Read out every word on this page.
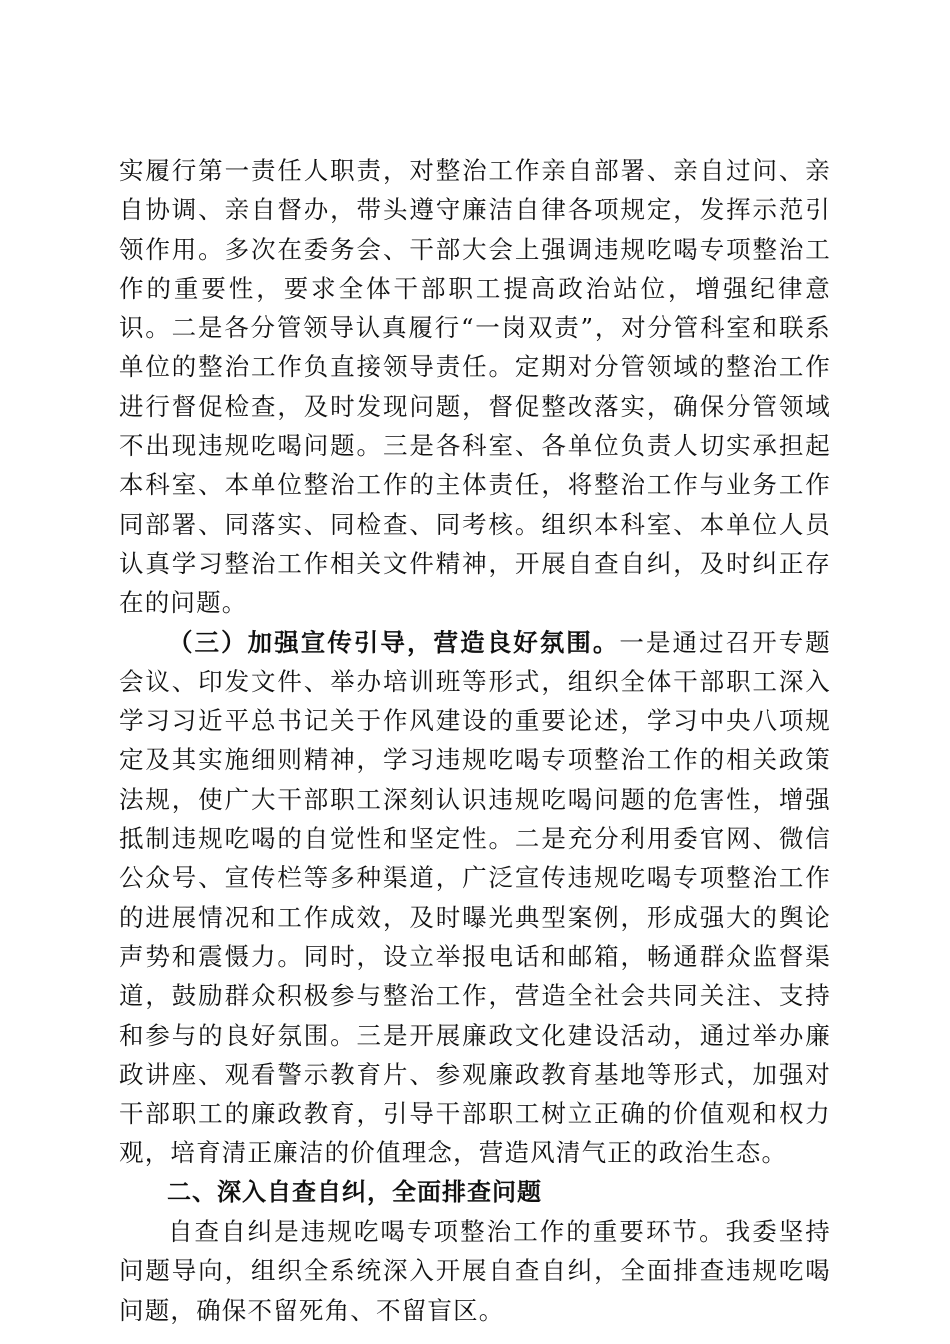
实履行第一责任人职责，对整治工作亲自部署、亲自过问、亲自协调、亲自督办，带头遵守廉洁自律各项规定，发挥示范引领作用。多次在委务会、干部大会上强调违规吃喝专项整治工作的重要性，要求全体干部职工提高政治站位，增强纪律意识。二是各分管领导认真履行“一岗双责”，对分管科室和联系单位的整治工作负直接领导责任。定期对分管领域的整治工作进行督促检查，及时发现问题，督促整改落实，确保分管领域不出现违规吃喝问题。三是各科室、各单位负责人切实承担起本科室、本单位整治工作的主体责任，将整治工作与业务工作同部署、同落实、同检查、同考核。组织本科室、本单位人员认真学习整治工作相关文件精神，开展自查自纠，及时纠正存在的问题。

（三）加强宣传引导，营造良好氛围。一是通过召开专题会议、印发文件、举办培训班等形式，组织全体干部职工深入学习习近平总书记关于作风建设的重要论述，学习中央八项规定及其实施细则精神，学习违规吃喝专项整治工作的相关政策法规，使广大干部职工深刻认识违规吃喝问题的危害性，增强抵制违规吃喝的自觉性和坚定性。二是充分利用委官网、微信公众号、宣传栏等多种渠道，广泛宣传违规吃喝专项整治工作的进展情况和工作成效，及时曝光典型案例，形成强大的舆论声势和震慑力。同时，设立举报电话和邮箱，畅通群众监督渠道，鼓励群众积极参与整治工作，营造全社会共同关注、支持和参与的良好氛围。三是开展廉政文化建设活动，通过举办廉政讲座、观看警示教育片、参观廉政教育基地等形式，加强对干部职工的廉政教育，引导干部职工树立正确的价值观和权力观，培育清正廉洁的价值理念，营造风清气正的政治生态。

二、深入自查自纠，全面排查问题

自查自纠是违规吃喝专项整治工作的重要环节。我委坚持问题导向，组织全系统深入开展自查自纠，全面排查违规吃喝问题，确保不留死角、不留盲区。
